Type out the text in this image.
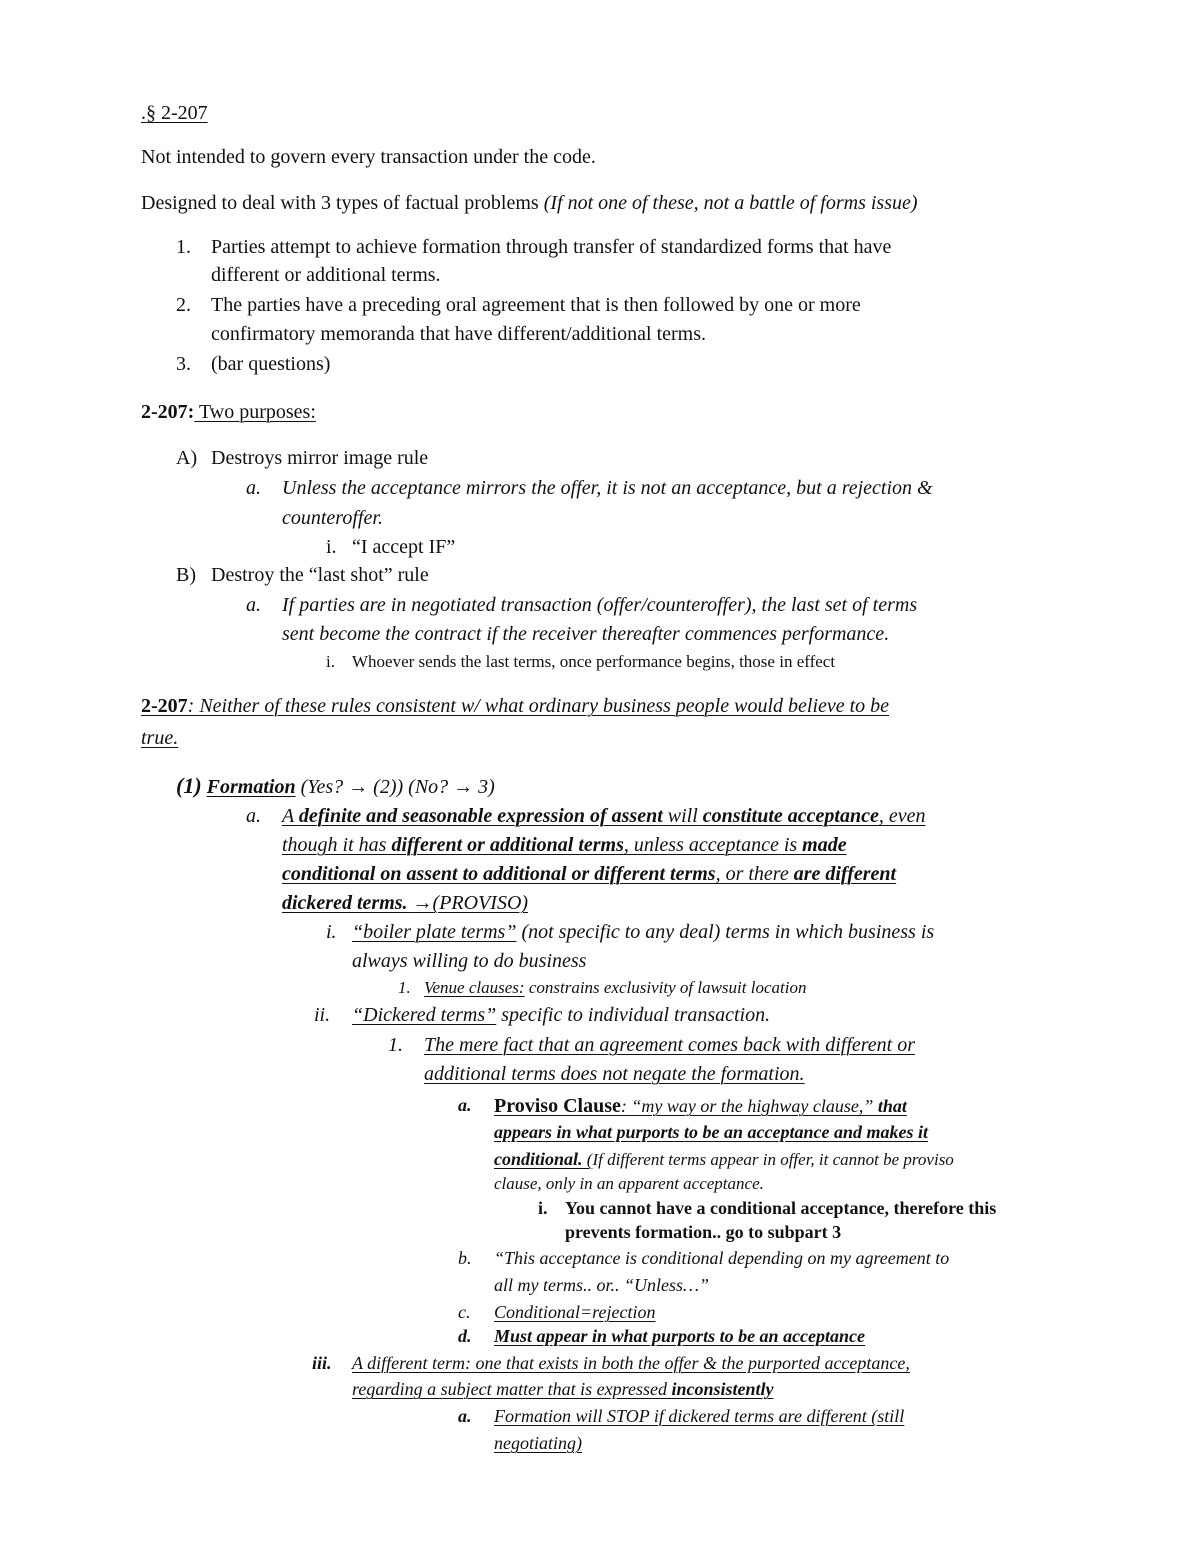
.§ 2-207
Not intended to govern every transaction under the code.
Designed to deal with 3 types of factual problems (If not one of these, not a battle of forms issue)
1. Parties attempt to achieve formation through transfer of standardized forms that have
different or additional terms.
2. The parties have a preceding oral agreement that is then followed by one or more
confirmatory memoranda that have different/additional terms.
3. (bar questions)
2-207: Two purposes:
A) Destroys mirror image rule
a. Unless the acceptance mirrors the offer, it is not an acceptance, but a rejection &
counteroffer.
i. “I accept IF”
B) Destroy the “last shot” rule
a. If parties are in negotiated transaction (offer/counteroffer), the last set of terms
sent become the contract if the receiver thereafter commences performance.
i. Whoever sends the last terms, once performance begins, those in effect
2-207: Neither of these rules consistent w/ what ordinary business people would believe to be
true.
(1) Formation (Yes? → (2)) (No? → 3)
a. A definite and seasonable expression of assent will constitute acceptance, even
though it has different or additional terms, unless acceptance is made
conditional on assent to additional or different terms, or there are different
dickered terms. →(PROVISO)
i. “boiler plate terms” (not specific to any deal) terms in which business is
always willing to do business
1. Venue clauses: constrains exclusivity of lawsuit location
ii. “Dickered terms” specific to individual transaction.
1. The mere fact that an agreement comes back with different or
additional terms does not negate the formation.
a. Proviso Clause: “my way or the highway clause,” that
appears in what purports to be an acceptance and makes it
conditional. (If different terms appear in offer, it cannot be proviso
clause, only in an apparent acceptance.
i. You cannot have a conditional acceptance, therefore this
prevents formation.. go to subpart 3
b. “This acceptance is conditional depending on my agreement to
all my terms.. or.. “Unless…”
c. Conditional=rejection
d. Must appear in what purports to be an acceptance
iii. A different term: one that exists in both the offer & the purported acceptance,
regarding a subject matter that is expressed inconsistently
a. Formation will STOP if dickered terms are different (still
negotiating)
